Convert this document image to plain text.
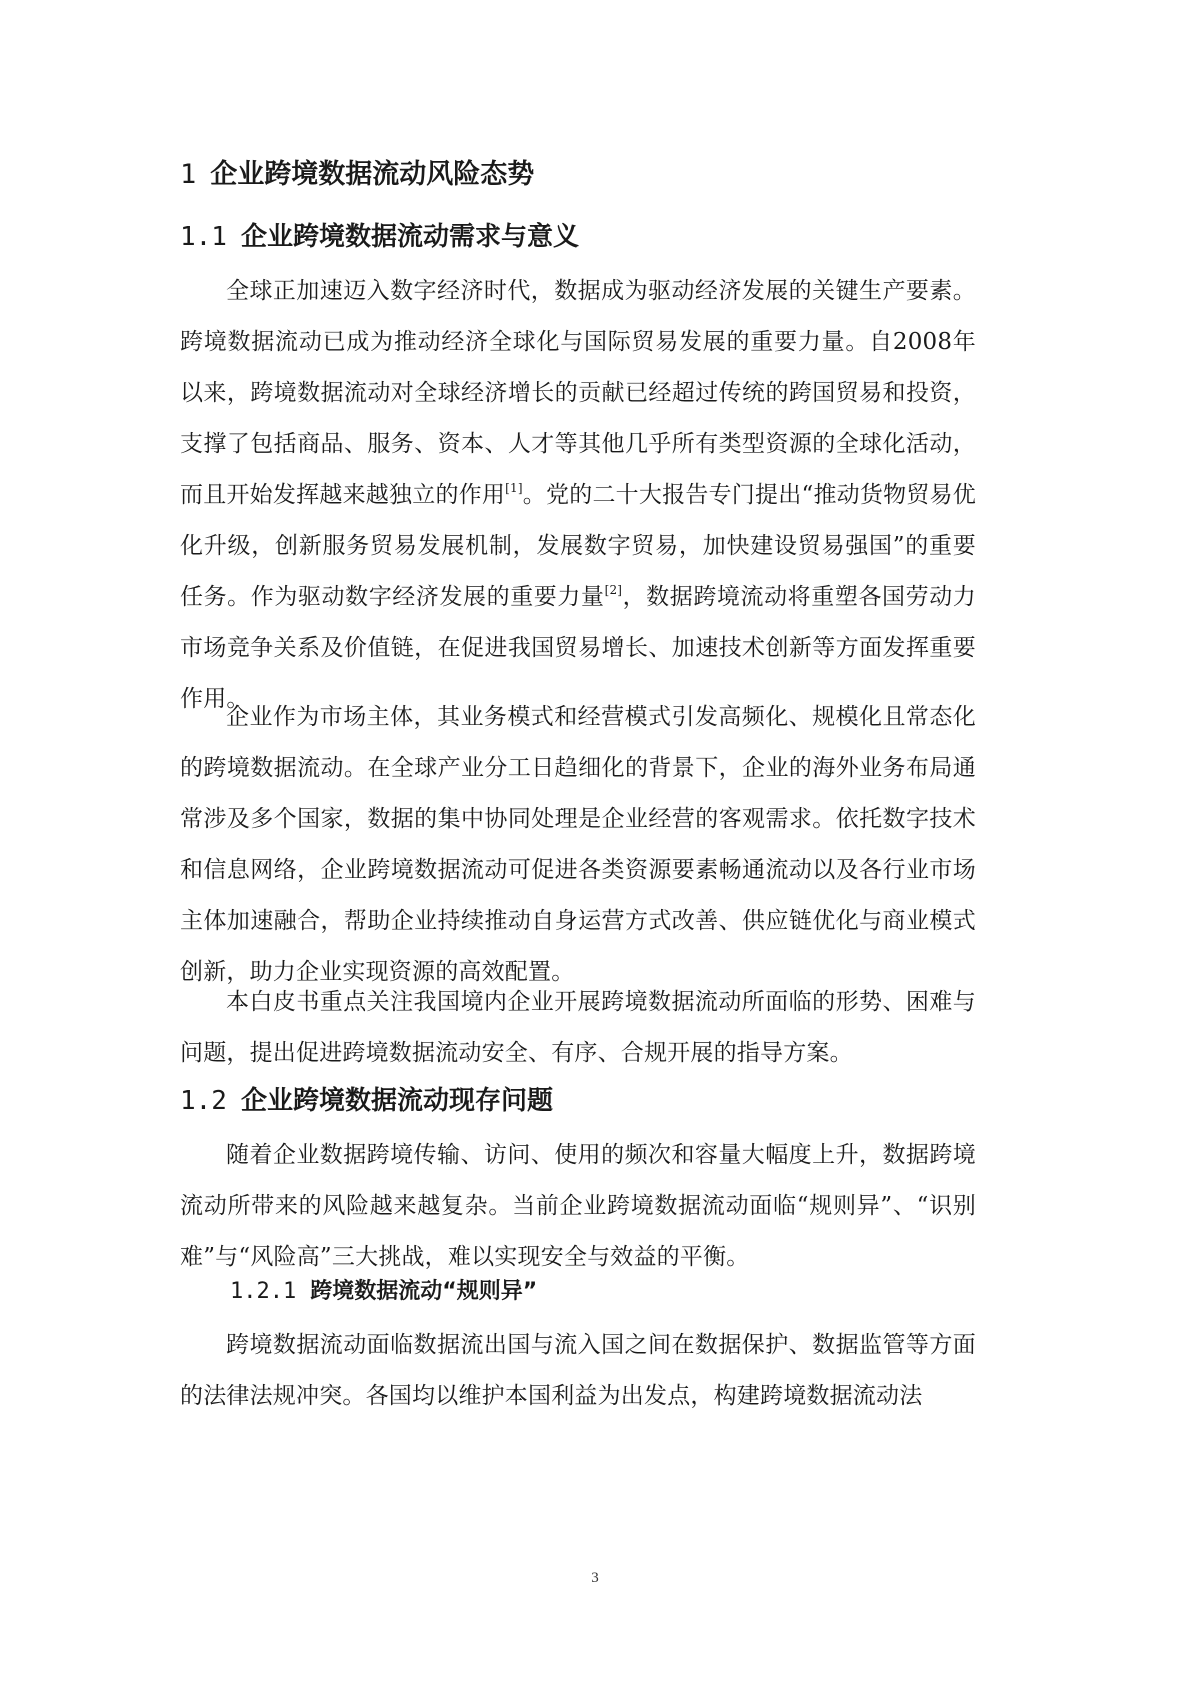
1 企业跨境数据流动风险态势
1.1 企业跨境数据流动需求与意义

全球正加速迈入数字经济时代，数据成为驱动经济发展的关键生产要素。跨境数据流动已成为推动经济全球化与国际贸易发展的重要力量。自2008年以来，跨境数据流动对全球经济增长的贡献已经超过传统的跨国贸易和投资，支撑了包括商品、服务、资本、人才等其他几乎所有类型资源的全球化活动，而且开始发挥越来越独立的作用[1]。党的二十大报告专门提出“推动货物贸易优化升级，创新服务贸易发展机制，发展数字贸易，加快建设贸易强国”的重要任务。作为驱动数字经济发展的重要力量[2]，数据跨境流动将重塑各国劳动力市场竞争关系及价值链，在促进我国贸易增长、加速技术创新等方面发挥重要作用。

企业作为市场主体，其业务模式和经营模式引发高频化、规模化且常态化的跨境数据流动。在全球产业分工日趋细化的背景下，企业的海外业务布局通常涉及多个国家，数据的集中协同处理是企业经营的客观需求。依托数字技术和信息网络，企业跨境数据流动可促进各类资源要素畅通流动以及各行业市场主体加速融合，帮助企业持续推动自身运营方式改善、供应链优化与商业模式创新，助力企业实现资源的高效配置。

本白皮书重点关注我国境内企业开展跨境数据流动所面临的形势、困难与问题，提出促进跨境数据流动安全、有序、合规开展的指导方案。

1.2 企业跨境数据流动现存问题

随着企业数据跨境传输、访问、使用的频次和容量大幅度上升，数据跨境流动所带来的风险越来越复杂。当前企业跨境数据流动面临“规则异”、“识别难”与“风险高”三大挑战，难以实现安全与效益的平衡。

1.2.1 跨境数据流动“规则异”

跨境数据流动面临数据流出国与流入国之间在数据保护、数据监管等方面的法律法规冲突。各国均以维护本国利益为出发点，构建跨境数据流动法

3
